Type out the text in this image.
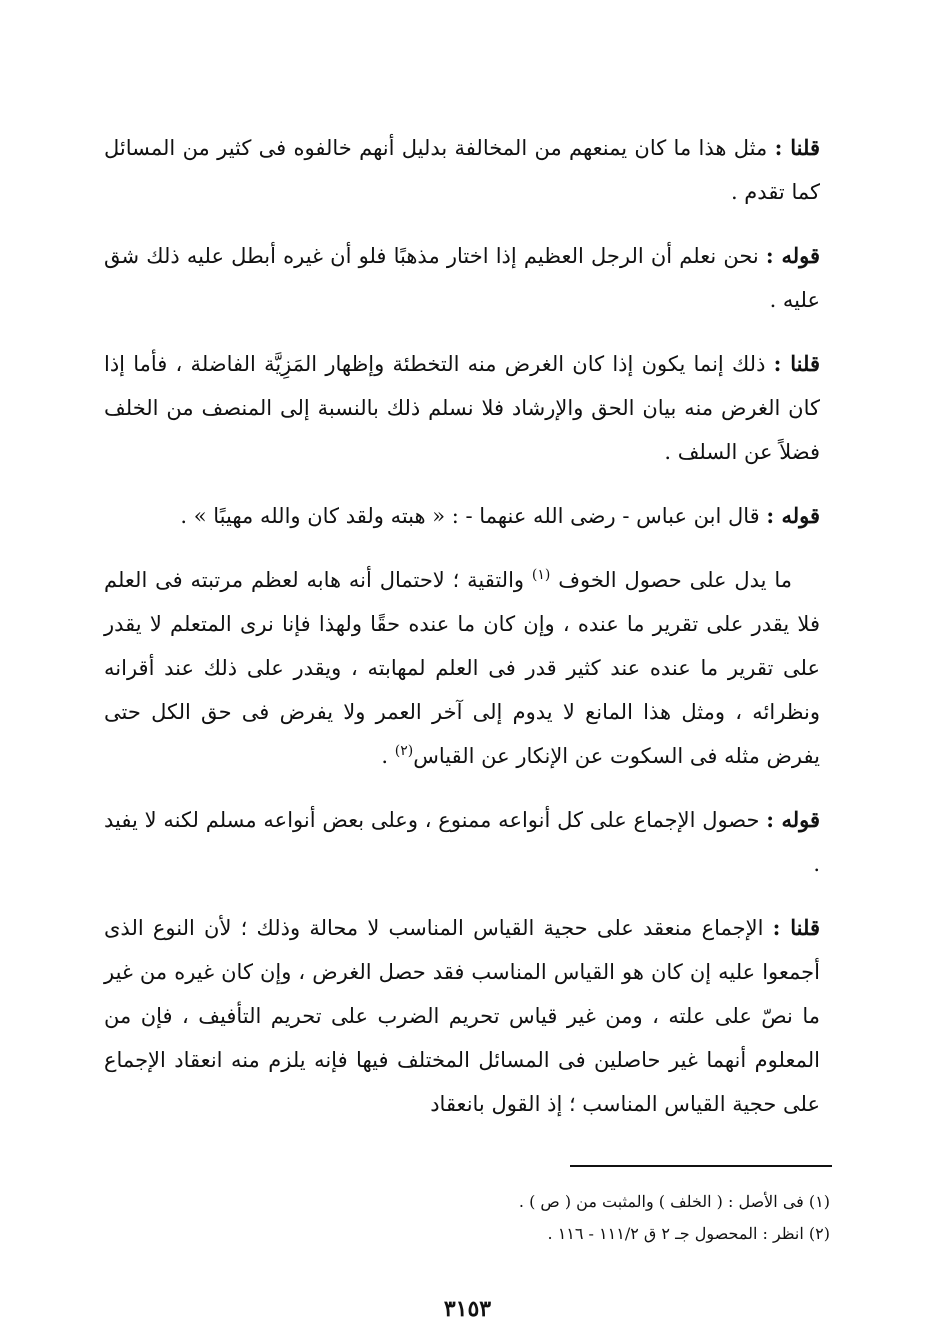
قلنا : مثل هذا ما كان يمنعهم من المخالفة بدليل أنهم خالفوه فى كثير من المسائل كما تقدم .

قوله : نحن نعلم أن الرجل العظيم إذا اختار مذهبًا فلو أن غيره أبطل عليه ذلك شق عليه .

قلنا : ذلك إنما يكون إذا كان الغرض منه التخطئة وإظهار المَزِيَّة الفاضلة ، فأما إذا كان الغرض منه بيان الحق والإرشاد فلا نسلم ذلك بالنسبة إلى المنصف من الخلف فضلاً عن السلف .

قوله : قال ابن عباس - رضى الله عنهما - : « هبته ولقد كان والله مهيبًا » .

ما يدل على حصول الخوف $^{(١)}$ والتقية ؛ لاحتمال أنه هابه لعظم مرتبته فى العلم فلا يقدر على تقرير ما عنده ، وإن كان ما عنده حقًا ولهذا فإنا نرى المتعلم لا يقدر على تقرير ما عنده عند كثير قدر فى العلم لمهابته ، ويقدر على ذلك عند أقرانه ونظرائه ، ومثل هذا المانع لا يدوم إلى آخر العمر ولا يفرض فى حق الكل حتى يفرض مثله فى السكوت عن الإنكار عن القياس$^{(٢)}$ .

قوله : حصول الإجماع على كل أنواعه ممنوع ، وعلى بعض أنواعه مسلم لكنه لا يفيد .

قلنا : الإجماع منعقد على حجية القياس المناسب لا محالة وذلك ؛ لأن النوع الذى أجمعوا عليه إن كان هو القياس المناسب فقد حصل الغرض ، وإن كان غيره من غير ما نصّ على علته ، ومن غير قياس تحريم الضرب على تحريم التأفيف ، فإن من المعلوم أنهما غير حاصلين فى المسائل المختلف فيها فإنه يلزم منه انعقاد الإجماع على حجية القياس المناسب ؛ إذ القول بانعقاد

(١) فى الأصل : ( الخلف ) والمثبت من ( ص ) .

(٢) انظر : المحصول جـ ٢ ق ١١١/٢ - ١١٦ .

٣١٥٣
